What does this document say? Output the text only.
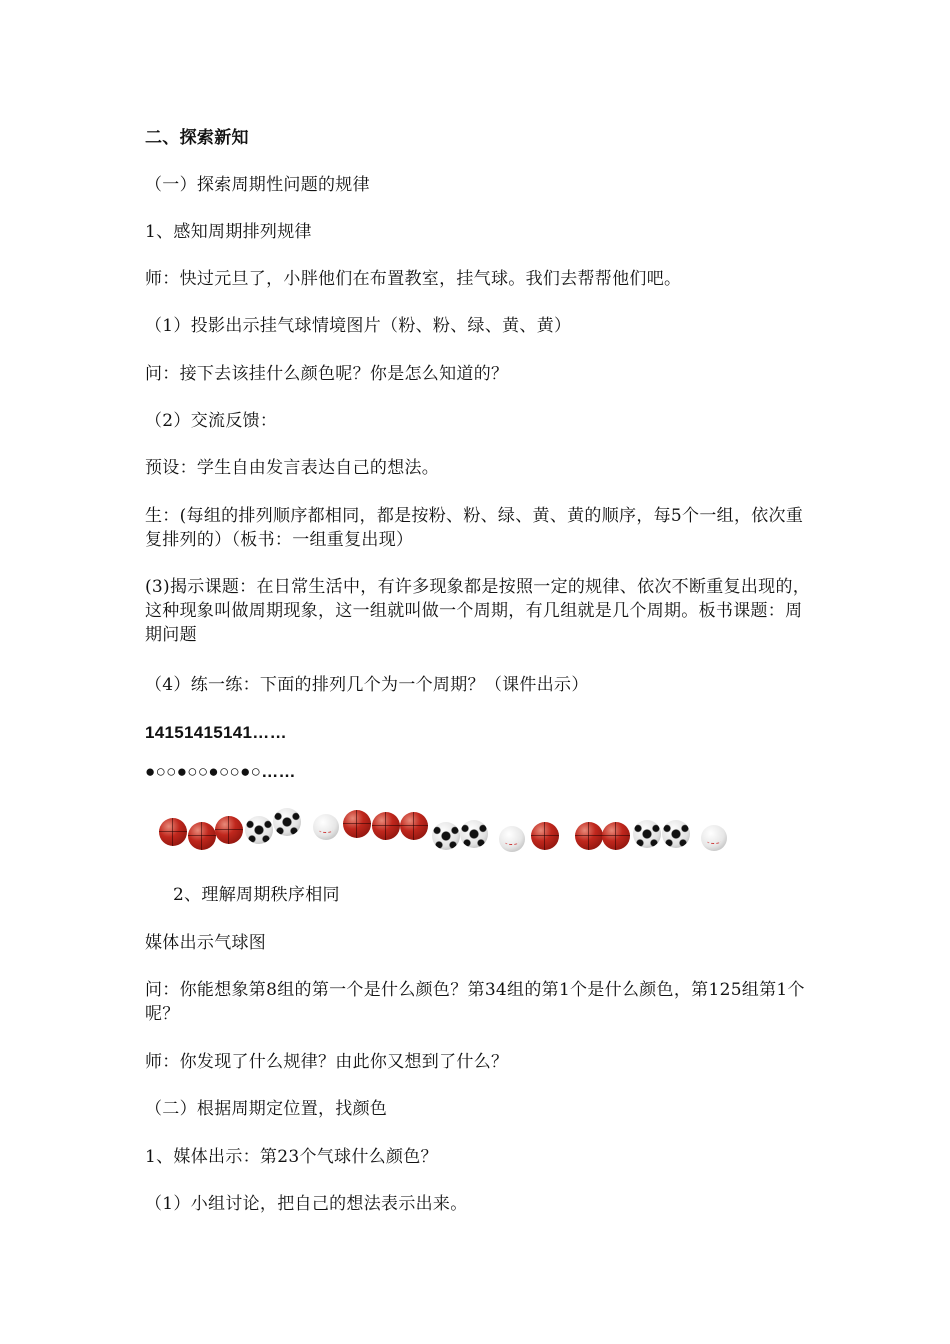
二、探索新知

（一）探索周期性问题的规律

1、感知周期排列规律

师：快过元旦了，小胖他们在布置教室，挂气球。我们去帮帮他们吧。

（1）投影出示挂气球情境图片（粉、粉、绿、黄、黄）

问：接下去该挂什么颜色呢？你是怎么知道的？

（2）交流反馈：

预设：学生自由发言表达自己的想法。

生：(每组的排列顺序都相同，都是按粉、粉、绿、黄、黄的顺序，每5个一组，依次重复排列的）（板书：一组重复出现）

(3)揭示课题：在日常生活中，有许多现象都是按照一定的规律、依次不断重复出现的，这种现象叫做周期现象，这一组就叫做一个周期，有几组就是几个周期。板书课题：周期问题

（4）练一练：下面的排列几个为一个周期？（课件出示）

14151415141……

●○○●○○●○○●○……

2、理解周期秩序相同

媒体出示气球图

问：你能想象第8组的第一个是什么颜色？第34组的第1个是什么颜色，第125组第1个呢？

师：你发现了什么规律？由此你又想到了什么？

（二）根据周期定位置，找颜色

1、媒体出示：第23个气球什么颜色？

（1）小组讨论，把自己的想法表示出来。
